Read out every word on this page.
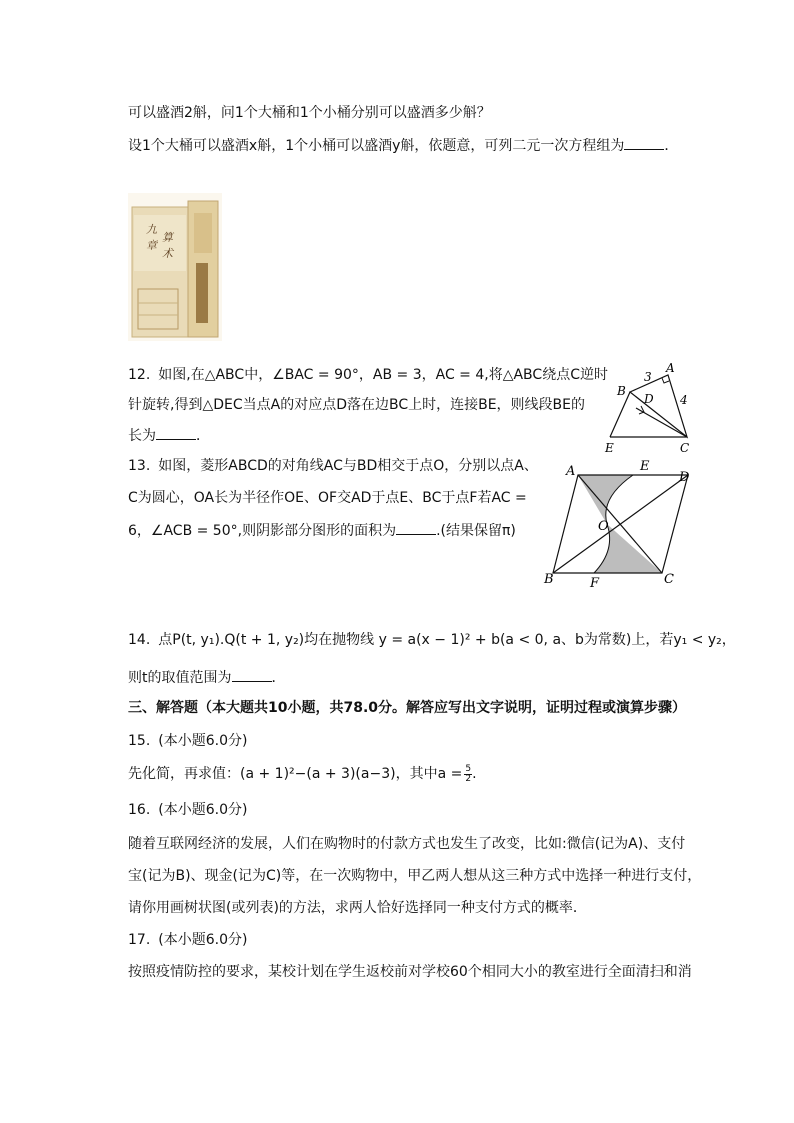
可以盛酒2斛，问1个大桶和1个小桶分别可以盛酒多少斛？
设1个大桶可以盛酒x斛，1个小桶可以盛酒y斛，依题意，可列二元一次方程组为	．
九
章
算
术
12. 如图,在△ABC中，∠BAC = 90°，AB = 3，AC = 4,将△ABC绕点C逆时
针旋转,得到△DEC当点A的对应点D落在边BC上时，连接BE，则线段BE的
长为	．
A
B
C
D
E
3
4
13. 如图，菱形ABCD的对角线AC与BD相交于点O，分别以点A、
C为圆心，OA长为半径作OE、OF交AD于点E、BC于点F若AC =
6，∠ACB = 50°,则阴影部分图形的面积为	.(结果保留π)
A	E
D
O
B	F	C
14. 点P(t, y₁).Q(t + 1, y₂)均在抛物线 y = a(x − 1)² + b(a < 0, a、b为常数)上，若y₁ < y₂，
则t的取值范围为	．
三、解答题（本大题共10小题，共78.0分。解答应写出文字说明，证明过程或演算步骤）
15. (本小题6.0分)
先化简，再求值：(a + 1)²−(a + 3)(a−3)，其中$a = \frac{5}{2}$ .
16. (本小题6.0分)
随着互联网经济的发展，人们在购物时的付款方式也发生了改变，比如:微信(记为A)、支付
宝(记为B)、现金(记为C)等，在一次购物中，甲乙两人想从这三种方式中选择一种进行支付，
请你用画树状图(或列表)的方法，求两人恰好选择同一种支付方式的概率．
17. (本小题6.0分)
按照疫情防控的要求，某校计划在学生返校前对学校60个相同大小的教室进行全面清扫和消
